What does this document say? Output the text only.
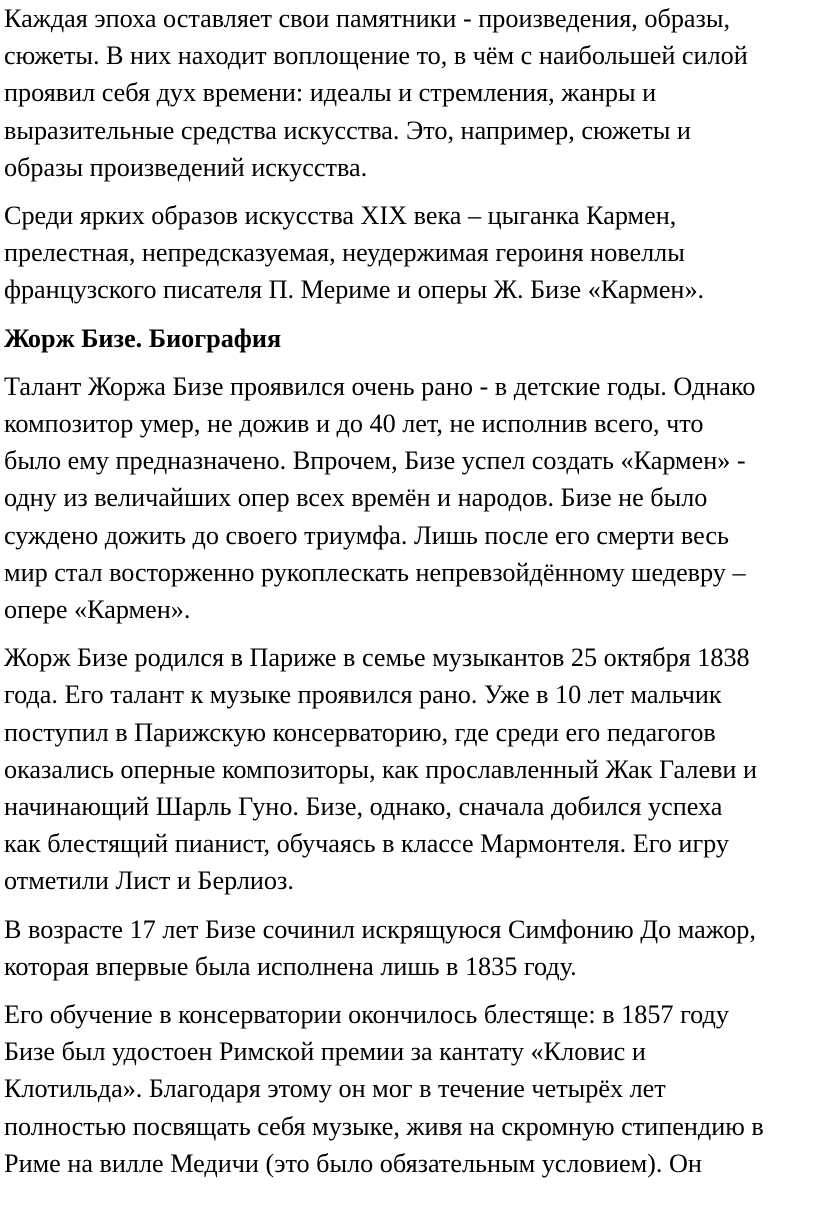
Каждая эпоха оставляет свои памятники - произведения, образы,
сюжеты. В них находит воплощение то, в чём с наибольшей силой
проявил себя дух времени: идеалы и стремления, жанры и
выразительные средства искусства. Это, например, сюжеты и
образы произведений искусства.
Среди ярких образов искусства XIX века – цыганка Кармен,
прелестная, непредсказуемая, неудержимая героиня новеллы
французского писателя П. Мериме и оперы Ж. Бизе «Кармен».
Жорж Бизе. Биография
Талант Жоржа Бизе проявился очень рано - в детские годы. Однако
композитор умер, не дожив и до 40 лет, не исполнив всего, что
было ему предназначено. Впрочем, Бизе успел создать «Кармен» -
одну из величайших опер всех времён и народов. Бизе не было
суждено дожить до своего триумфа. Лишь после его смерти весь
мир стал восторженно рукоплескать непревзойдённому шедевру –
опере «Кармен».
Жорж Бизе родился в Париже в семье музыкантов 25 октября 1838
года. Его талант к музыке проявился рано. Уже в 10 лет мальчик
поступил в Парижскую консерваторию, где среди его педагогов
оказались оперные композиторы, как прославленный Жак Галеви и
начинающий Шарль Гуно. Бизе, однако, сначала добился успеха
как блестящий пианист, обучаясь в классе Мармонтеля. Его игру
отметили Лист и Берлиоз.
В возрасте 17 лет Бизе сочинил искрящуюся Симфонию До мажор,
которая впервые была исполнена лишь в 1835 году.
Его обучение в консерватории окончилось блестяще: в 1857 году
Бизе был удостоен Римской премии за кантату «Кловис и
Клотильда». Благодаря этому он мог в течение четырёх лет
полностью посвящать себя музыке, живя на скромную стипендию в
Риме на вилле Медичи (это было обязательным условием). Он
